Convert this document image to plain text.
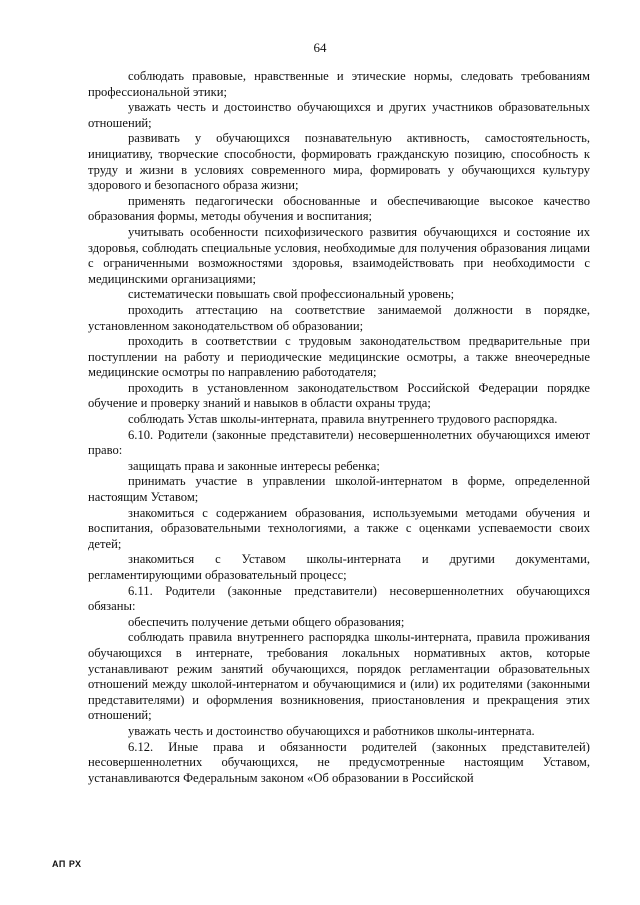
64

соблюдать правовые, нравственные и этические нормы, следовать требованиям профессиональной этики;

уважать честь и достоинство обучающихся и других участников образовательных отношений;

развивать у обучающихся познавательную активность, самостоятельность, инициативу, творческие способности, формировать гражданскую позицию, способность к труду и жизни в условиях современного мира, формировать у обучающихся культуру здорового и безопасного образа жизни;

применять педагогически обоснованные и обеспечивающие высокое качество образования формы, методы обучения и воспитания;

учитывать особенности психофизического развития обучающихся и состояние их здоровья, соблюдать специальные условия, необходимые для получения образования лицами с ограниченными возможностями здоровья, взаимодействовать при необходимости с медицинскими организациями;

систематически повышать свой профессиональный уровень;

проходить аттестацию на соответствие занимаемой должности в порядке, установленном законодательством об образовании;

проходить в соответствии с трудовым законодательством предварительные при поступлении на работу и периодические медицинские осмотры, а также внеочередные медицинские осмотры по направлению работодателя;

проходить в установленном законодательством Российской Федерации порядке обучение и проверку знаний и навыков в области охраны труда;

соблюдать Устав школы-интерната, правила внутреннего трудового распорядка.

6.10. Родители (законные представители) несовершеннолетних обучающихся имеют право:

защищать права и законные интересы ребенка;

принимать участие в управлении школой-интернатом в форме, определенной настоящим Уставом;

знакомиться с содержанием образования, используемыми методами обучения и воспитания, образовательными технологиями, а также с оценками успеваемости своих детей;

знакомиться с Уставом школы-интерната и другими документами, регламентирующими образовательный процесс;

6.11. Родители (законные представители) несовершеннолетних обучающихся обязаны:

обеспечить получение детьми общего образования;

соблюдать правила внутреннего распорядка школы-интерната, правила проживания обучающихся в интернате, требования локальных нормативных актов, которые устанавливают режим занятий обучающихся, порядок регламентации образовательных отношений между школой-интернатом и обучающимися и (или) их родителями (законными представителями) и оформления возникновения, приостановления и прекращения этих отношений;

уважать честь и достоинство обучающихся и работников школы-интерната.

6.12. Иные права и обязанности родителей (законных представителей) несовершеннолетних обучающихся, не предусмотренные настоящим Уставом, устанавливаются Федеральным законом «Об образовании в Российской

АП РХ
